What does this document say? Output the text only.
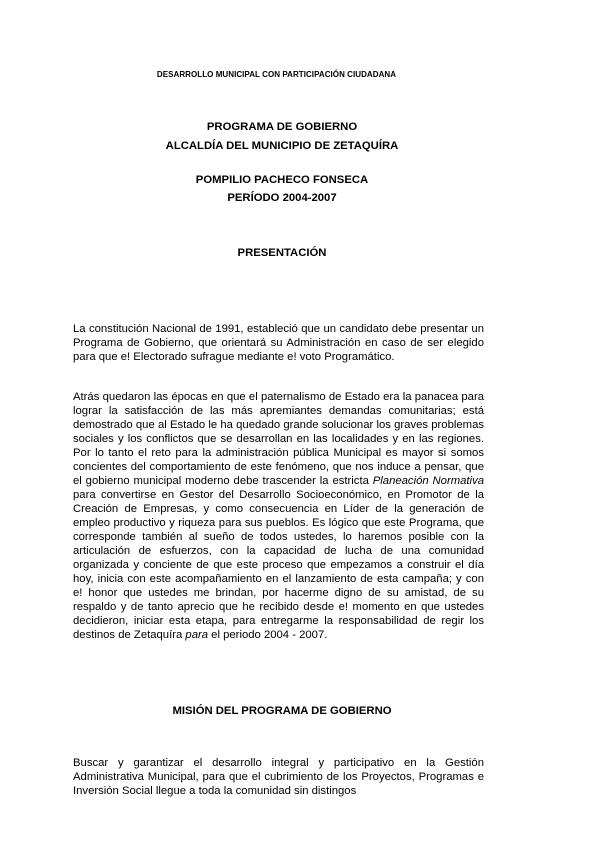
DESARROLLO MUNICIPAL CON PARTICIPACIÓN CIUDADANA
PROGRAMA DE GOBIERNO
ALCALDÍA DEL MUNICIPIO DE ZETAQUÍRA
POMPILIO PACHECO FONSECA
PERÍODO 2004-2007
PRESENTACIÓN

La constitución Nacional de 1991, estableció que un candidato debe presentar un Programa de Gobierno, que orientará su Administración en caso de ser elegido para que e! Electorado sufrague mediante e! voto Programático.

Atrás quedaron las épocas en que el paternalismo de Estado era la panacea para lograr la satisfacción de las más apremiantes demandas comunitarias; está demostrado que al Estado le ha quedado grande solucionar los graves problemas sociales y los conflictos que se desarrollan en las localidades y en las regiones. Por lo tanto el reto para la administración pública Municipal es mayor si somos concientes del comportamiento de este fenómeno, que nos induce a pensar, que el gobierno municipal moderno debe trascender la estricta Planeación Normativa para convertirse en Gestor del Desarrollo Socioeconómico, en Promotor de la Creación de Empresas, y como consecuencia en Líder de la generación de empleo productivo y riqueza para sus pueblos. Es lógico que este Programa, que corresponde también al sueño de todos ustedes, lo haremos posible con la articulación de esfuerzos, con la capacidad de lucha de una comunidad organizada y conciente de que este proceso que empezamos a construir el día hoy, inicia con este acompañamiento en el lanzamiento de esta campaña; y con e! honor que ustedes me brindan, por hacerme digno de su amistad, de su respaldo y de tanto aprecio que he recibido desde e! momento en que ustedes decidieron, iniciar esta etapa, para entregarme la responsabilidad de regir los destinos de Zetaquíra para el periodo 2004 - 2007.

MISIÓN DEL PROGRAMA DE GOBIERNO

Buscar y garantizar el desarrollo integral y participativo en la Gestión Administrativa Municipal, para que el cubrimiento de los Proyectos, Programas e Inversión Social llegue a toda la comunidad sin distingos
